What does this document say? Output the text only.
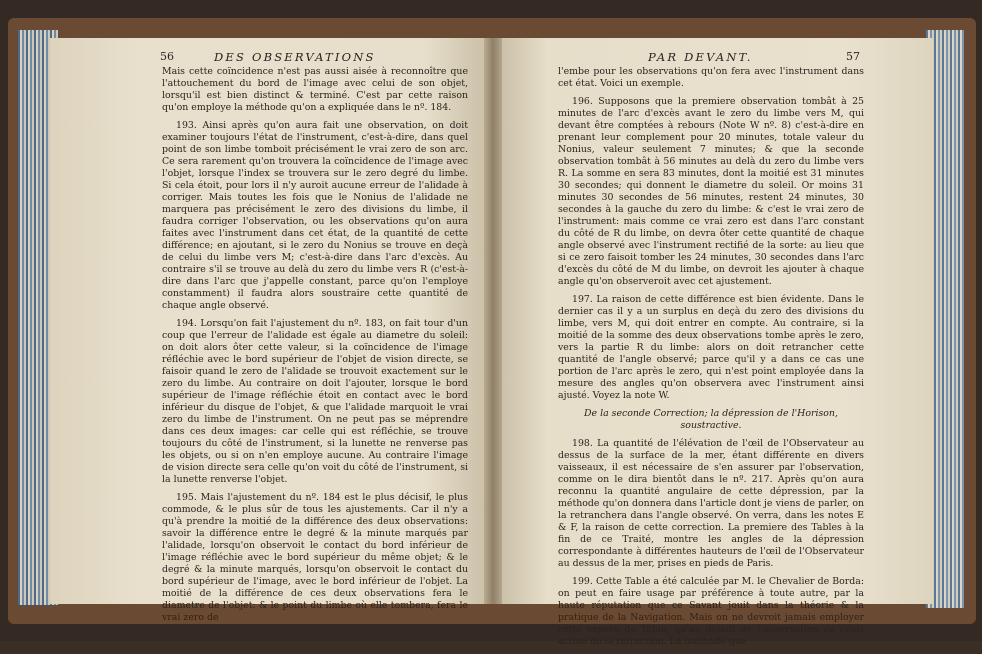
56	DES OBSERVATIONS	PAR DEVANT.	57

Mais cette coïncidence n'est pas aussi aisée à reconnoître que l'attouchement du bord de l'image avec celui de son objet, lorsqu'il est bien distinct & terminé. C'est par cette raison qu'on employe la méthode qu'on a expliquée dans le nº. 184.

193. Ainsi après qu'on aura fait une observation, on doit examiner toujours l'état de l'instrument, c'est-à-dire, dans quel point de son limbe tomboit précisément le vrai zero de son arc. Ce sera rarement qu'on trouvera la coïncidence de l'image avec l'objet, lorsque l'index se trouvera sur le zero degré du limbe. Si cela étoit, pour lors il n'y auroit aucune erreur de l'alidade à corriger. Mais toutes les fois que le Nonius de l'alidade ne marquera pas précisément le zero des divisions du limbe, il faudra corriger l'observation, ou les observations qu'on aura faites avec l'instrument dans cet état, de la quantité de cette différence; en ajoutant, si le zero du Nonius se trouve en deçà de celui du limbe vers M; c'est-à-dire dans l'arc d'excès. Au contraire s'il se trouve au delà du zero du limbe vers R (c'est-à-dire dans l'arc que j'appelle constant, parce qu'on l'employe constamment) il faudra alors soustraire cette quantité de chaque angle observé.

194. Lorsqu'on fait l'ajustement du nº. 183, on fait tour d'un coup que l'erreur de l'alidade est égale au diametre du soleil: on doit alors ôter cette valeur, si la coïncidence de l'image réfléchie avec le bord supérieur de l'objet de vision directe, se faisoir quand le zero de l'alidade se trouvoit exactement sur le zero du limbe. Au contraire on doit l'ajouter, lorsque le bord supérieur de l'image réfléchie étoit en contact avec le bord inférieur du disque de l'objet, & que l'alidade marquoit le vrai zero du limbe de l'instrument. On ne peut pas se méprendre dans ces deux images: car celle qui est réfléchie, se trouve toujours du côté de l'instrument, si la lunette ne renverse pas les objets, ou si on n'en employe aucune. Au contraire l'image de vision directe sera celle qu'on voit du côté de l'instrument, si la lunette renverse l'objet.

195. Mais l'ajustement du nº. 184 est le plus décisif, le plus commode, & le plus sûr de tous les ajustements. Car il n'y a qu'à prendre la moitié de la différence des deux observations: savoir la différence entre le degré & la minute marqués par l'alidade, lorsqu'on observoit le contact du bord inférieur de l'image réfléchie avec le bord supérieur du même objet; & le degré & la minute marqués, lorsqu'on observoit le contact du bord supérieur de l'image, avec le bord inférieur de l'objet. La moitié de la différence de ces deux observations fera le diametre de l'objet: & le point du limbe où elle tombera, fera le vrai zero de

l'embe pour les observations qu'on fera avec l'instrument dans cet état. Voici un exemple.

196. Supposons que la premiere observation tombât à 25 minutes de l'arc d'excès avant le zero du limbe vers M, qui devant être comptées à rebours (Note W nº. 8) c'est-à-dire en prenant leur complement pour 20 minutes, totale valeur du Nonius, valeur seulement 7 minutes; & que la seconde observation tombât à 56 minutes au delà du zero du limbe vers R. La somme en sera 83 minutes, dont la moitié est 31 minutes 30 secondes; qui donnent le diametre du soleil. Or moins 31 minutes 30 secondes de 56 minutes, restent 24 minutes, 30 secondes à la gauche du zero du limbe: & c'est le vrai zero de l'instrument: mais comme ce vrai zero est dans l'arc constant du côté de R du limbe, on devra ôter cette quantité de chaque angle observé avec l'instrument rectifié de la sorte: au lieu que si ce zero faisoit tomber les 24 minutes, 30 secondes dans l'arc d'excès du côté de M du limbe, on devroit les ajouter à chaque angle qu'on observeroit avec cet ajustement.

197. La raison de cette différence est bien évidente. Dans le dernier cas il y a un surplus en deçà du zero des divisions du limbe, vers M, qui doit entrer en compte. Au contraire, si la moitié de la somme des deux observations tombe après le zero, vers la partie R du limbe: alors on doit retrancher cette quantité de l'angle observé; parce qu'il y a dans ce cas une portion de l'arc après le zero, qui n'est point employée dans la mesure des angles qu'on observera avec l'instrument ainsi ajusté. Voyez la note W.

De la seconde Correction; la dépression de l'Horison, soustractive.

198. La quantité de l'élévation de l'œil de l'Observateur au dessus de la surface de la mer, étant différente en divers vaisseaux, il est nécessaire de s'en assurer par l'observation, comme on le dira bientôt dans le nº. 217. Après qu'on aura reconnu la quantité angulaire de cette dépression, par la méthode qu'on donnera dans l'article dont je viens de parler, on la retranchera dans l'angle observé. On verra, dans les notes E & F, la raison de cette correction. La premiere des Tables à la fin de ce Traité, montre les angles de la dépression correspondante à différentes hauteurs de l'œil de l'Observateur au dessus de la mer, prises en pieds de Paris.

199. Cette Table a été calculée par M. le Chevalier de Borda: on peut en faire usage par préférence à toute autre, par la haute réputation que ce Savant jouit dans la théorie & la pratique de la Navigation. Mais on ne devroit jamais employer cette espece de Table, qu'au défaut de l'observation de l'état actuel de la réfraction. La méthode que
